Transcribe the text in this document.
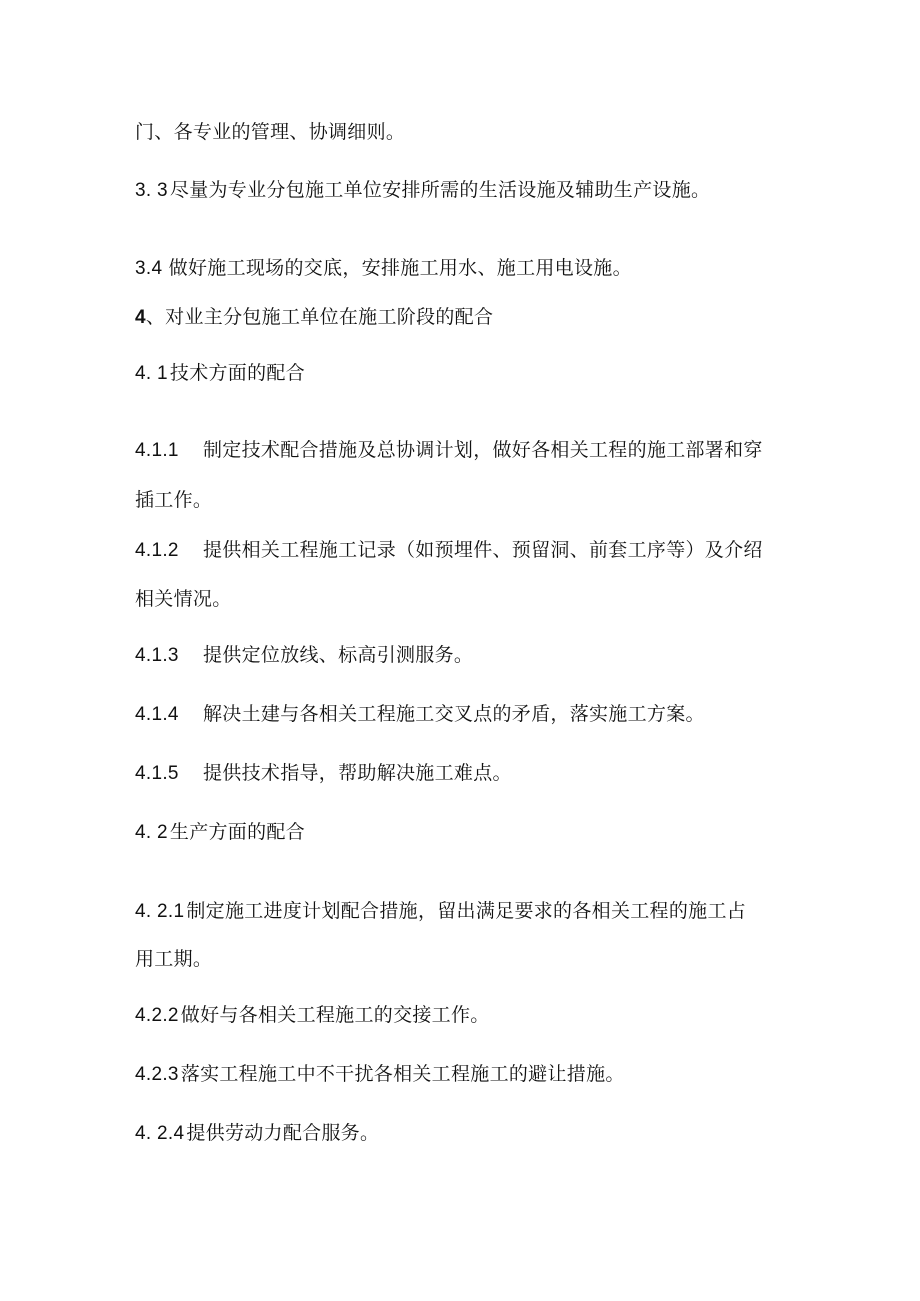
门、各专业的管理、协调细则。
3. 3 尽量为专业分包施工单位安排所需的生活设施及辅助生产设施。
3.4 做好施工现场的交底，安排施工用水、施工用电设施。
4、对业主分包施工单位在施工阶段的配合
4. 1 技术方面的配合
4.1.1 制定技术配合措施及总协调计划，做好各相关工程的施工部署和穿
插工作。
4.1.2 提供相关工程施工记录（如预埋件、预留洞、前套工序等）及介绍
相关情况。
4.1.3 提供定位放线、标高引测服务。
4.1.4 解决土建与各相关工程施工交叉点的矛盾，落实施工方案。
4.1.5 提供技术指导，帮助解决施工难点。
4. 2 生产方面的配合
4. 2.1 制定施工进度计划配合措施，留出满足要求的各相关工程的施工占
用工期。
4.2.2 做好与各相关工程施工的交接工作。
4.2.3 落实工程施工中不干扰各相关工程施工的避让措施。
4. 2.4 提供劳动力配合服务。
